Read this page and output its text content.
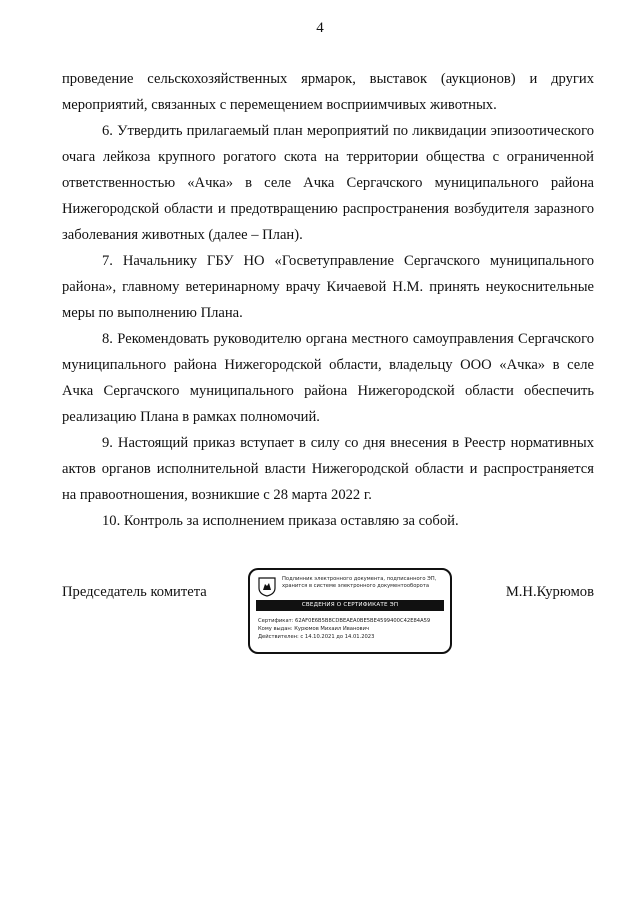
4

проведение сельскохозяйственных ярмарок, выставок (аукционов) и других мероприятий, связанных с перемещением восприимчивых животных.

6. Утвердить прилагаемый план мероприятий по ликвидации эпизоотического очага лейкоза крупного рогатого скота на территории общества с ограниченной ответственностью «Ачка» в селе Ачка Сергачского муниципального района Нижегородской области и предотвращению распространения возбудителя заразного заболевания животных (далее – План).

7. Начальнику ГБУ НО «Госветуправление Сергачского муниципального района», главному ветеринарному врачу Кичаевой Н.М. принять неукоснительные меры по выполнению Плана.

8. Рекомендовать руководителю органа местного самоуправления Сергачского муниципального района Нижегородской области, владельцу ООО «Ачка» в селе Ачка Сергачского муниципального района Нижегородской области обеспечить реализацию Плана в рамках полномочий.

9. Настоящий приказ вступает в силу со дня внесения в Реестр нормативных актов органов исполнительной власти Нижегородской области и распространяется на правоотношения, возникшие с 28 марта 2022 г.

10. Контроль за исполнением приказа оставляю за собой.

Председатель комитета
Подлинник электронного документа, подписанного ЭП, хранится в системе электронного документооборота
СВЕДЕНИЯ О СЕРТИФИКАТЕ ЭП
Сертификат: 62AF0E6B5B8CDBEAEA0BE5BE4599400C42E84A59
Кому выдан: Курюмов Михаил Иванович
Действителен: с 14.10.2021 до 14.01.2023
М.Н.Курюмов
